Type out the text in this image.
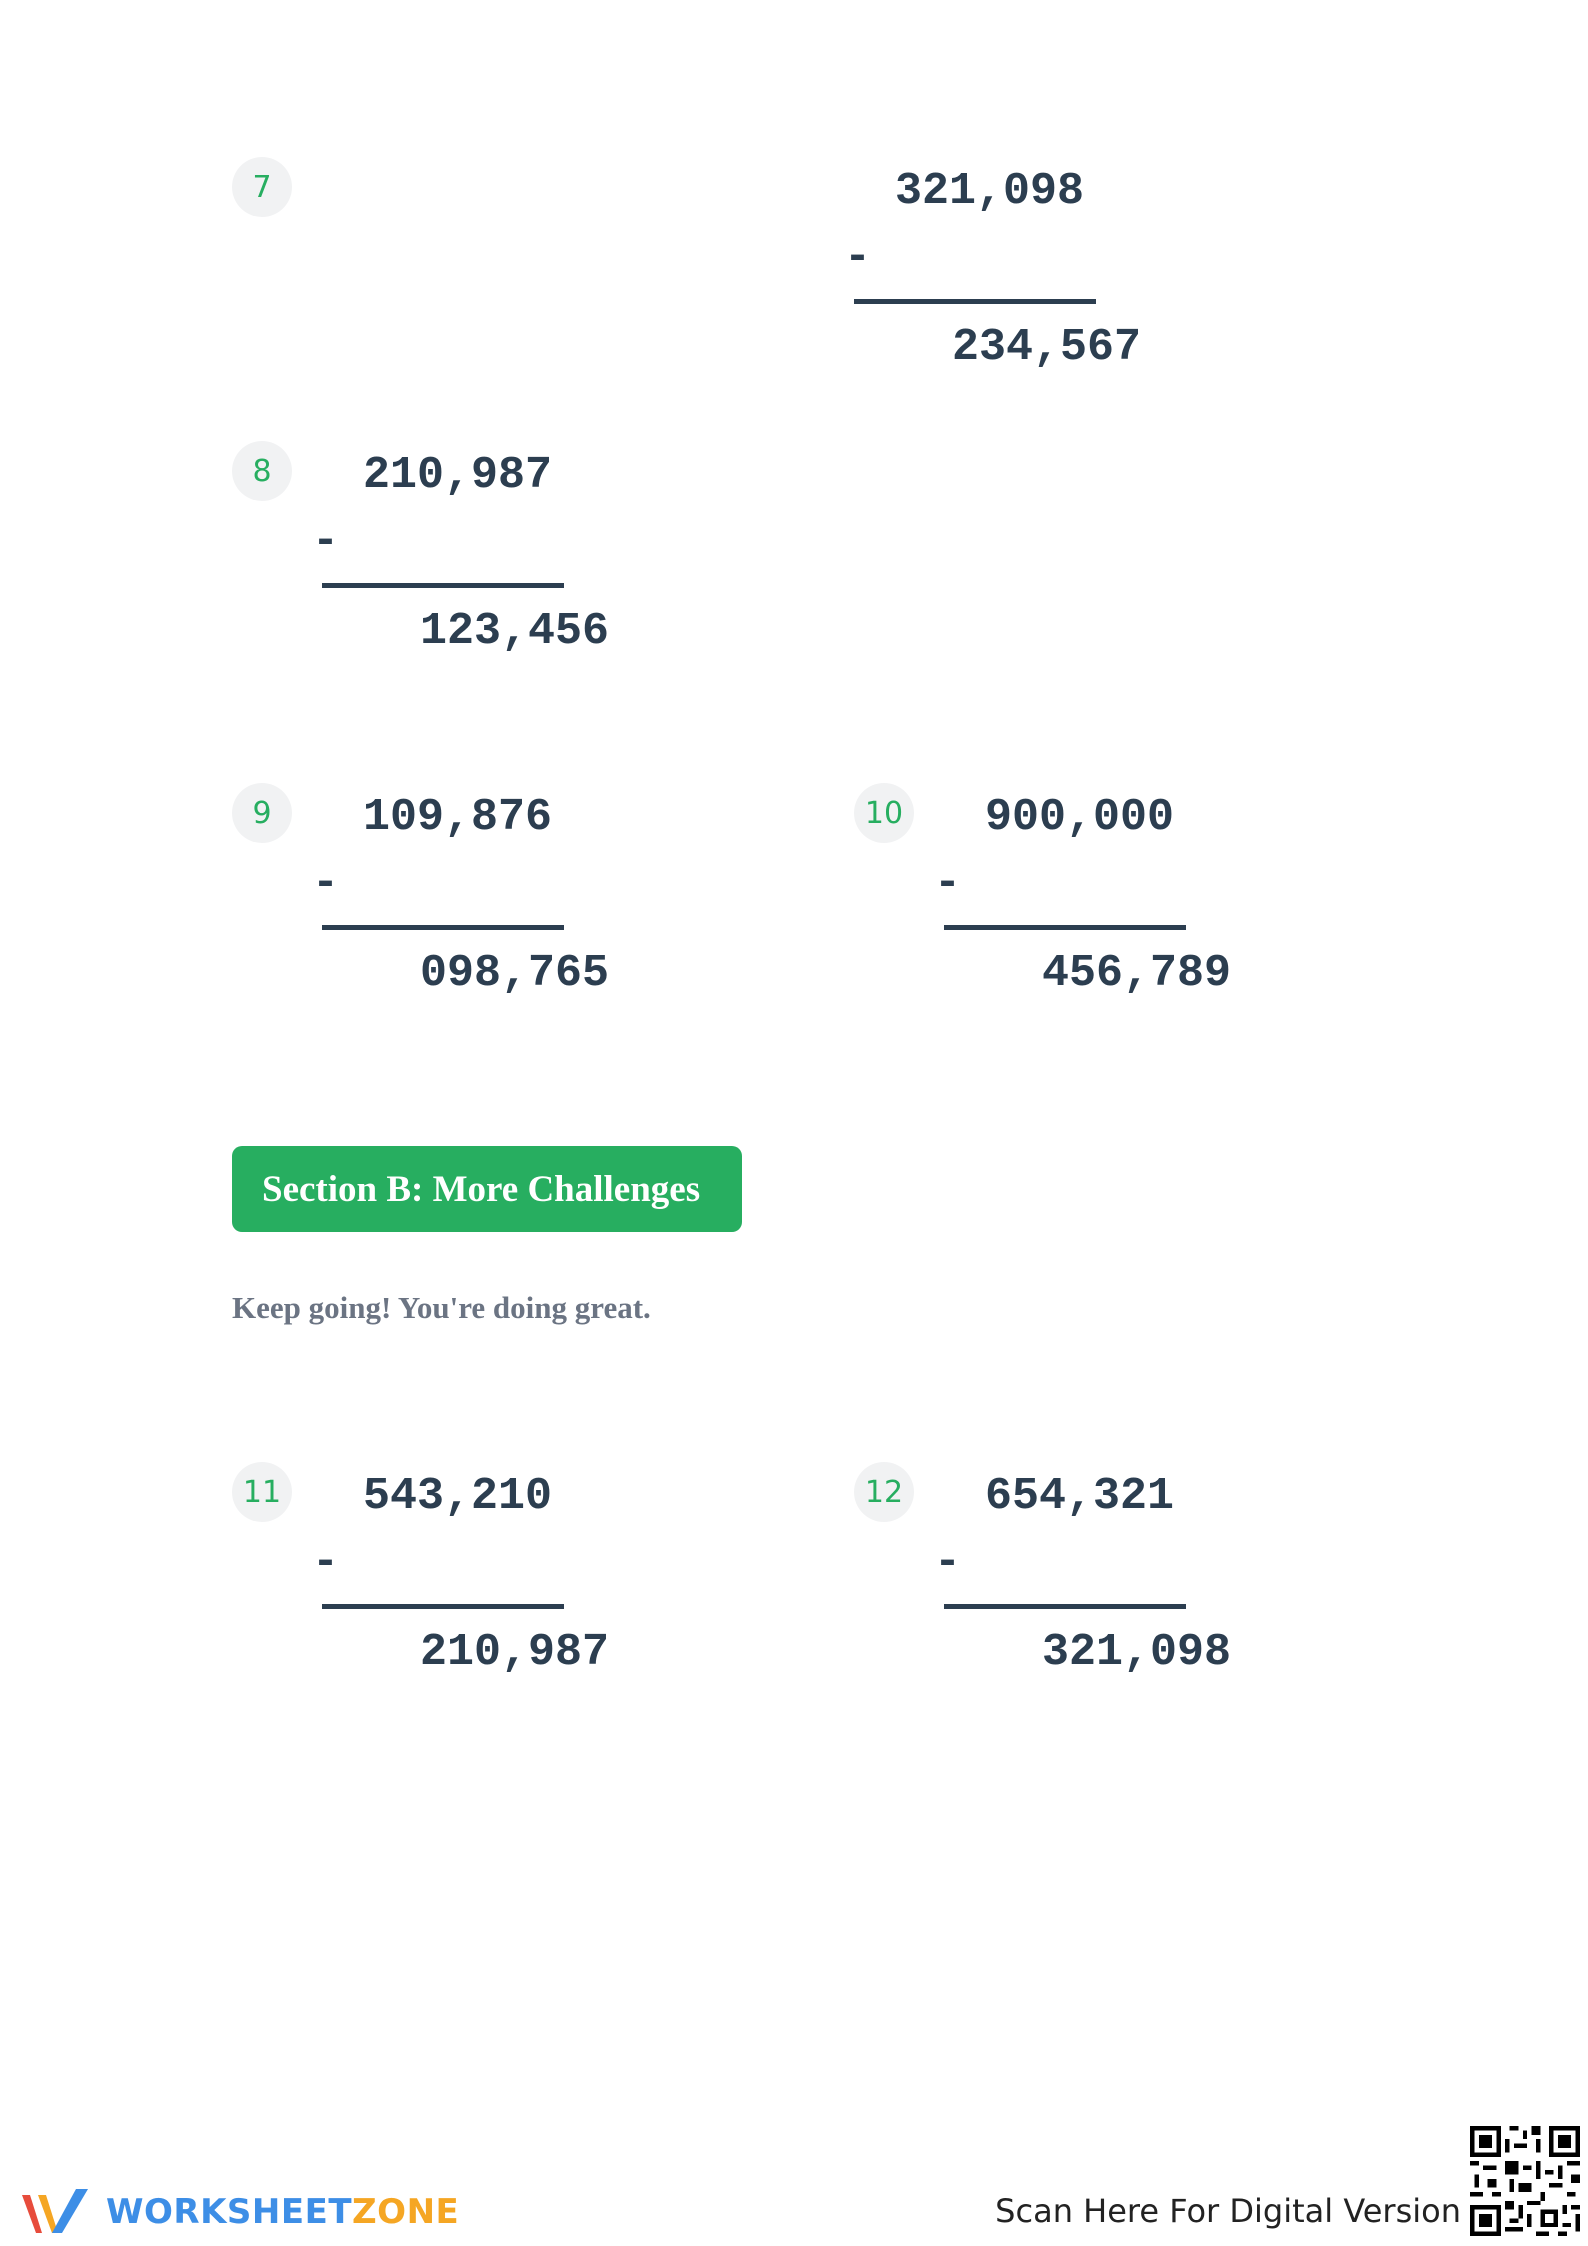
7	321,098

-

234,567

8	210,987

-

123,456

9	109,876

-

098,765

10	900,000

-

456,789

Section B: More Challenges
Keep going! You're doing great.
11	543,210

-

210,987

12	654,321

-

321,098

WORKSHEETZONE	Scan Here For Digital Version
